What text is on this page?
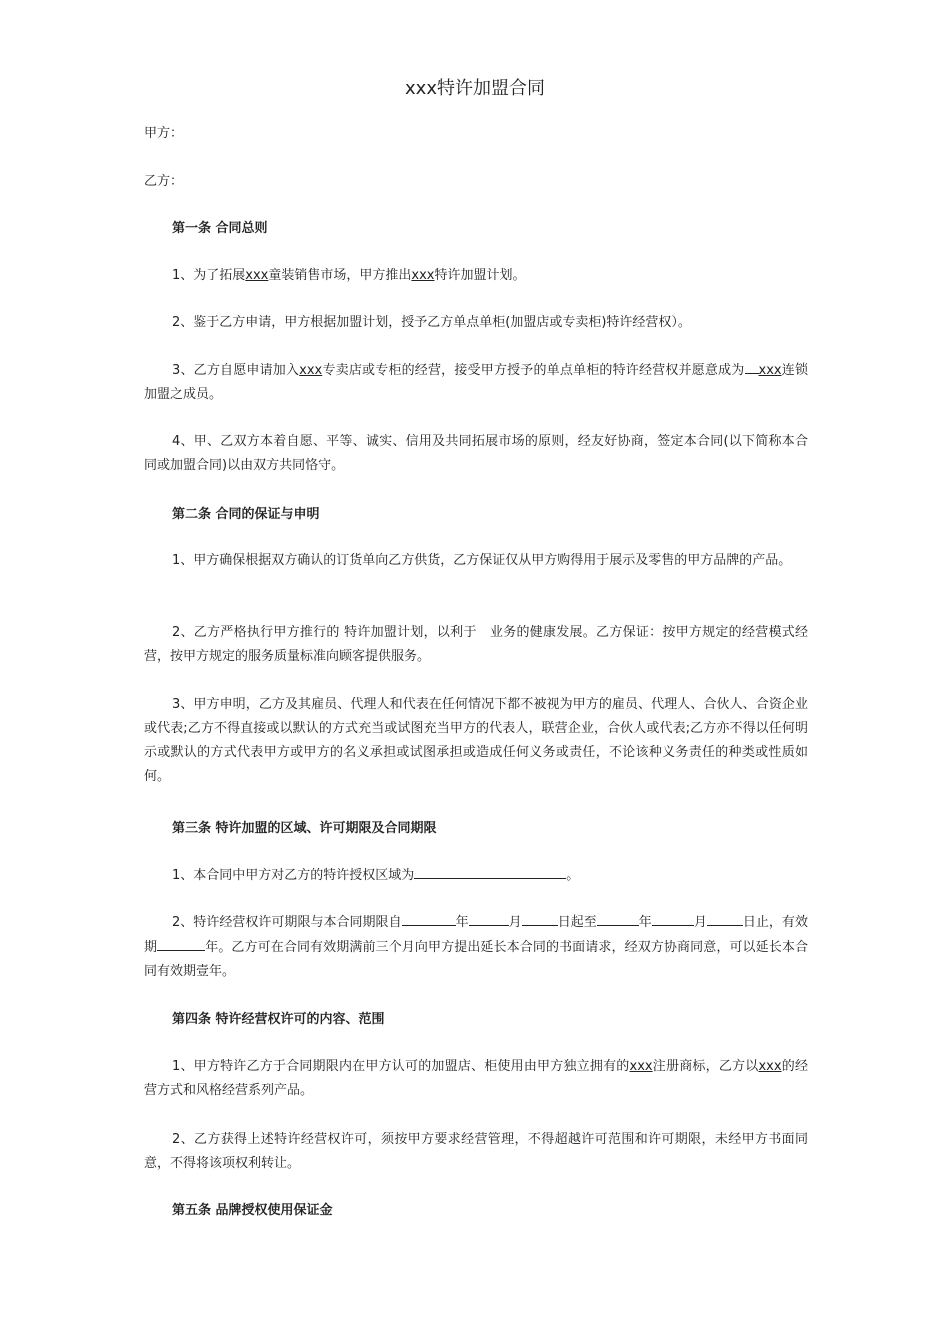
xxx特许加盟合同
甲方：
乙方：
第一条 合同总则
1、为了拓展xxx童装销售市场，甲方推出xxx特许加盟计划。
2、鉴于乙方申请，甲方根据加盟计划，授予乙方单点单柜(加盟店或专卖柜)特许经营权）。
3、乙方自愿申请加入xxx专卖店或专柜的经营，接受甲方授予的单点单柜的特许经营权并愿意成为 xxx连锁加盟之成员。
4、甲、乙双方本着自愿、平等、诚实、信用及共同拓展市场的原则，经友好协商，签定本合同(以下简称本合同或加盟合同)以由双方共同恪守。
第二条 合同的保证与申明
1、甲方确保根据双方确认的订货单向乙方供货，乙方保证仅从甲方购得用于展示及零售的甲方品牌的产品。
2、乙方严格执行甲方推行的 特许加盟计划，以利于　业务的健康发展。乙方保证：按甲方规定的经营模式经营，按甲方规定的服务质量标准向顾客提供服务。
3、甲方申明，乙方及其雇员、代理人和代表在任何情况下都不被视为甲方的雇员、代理人、合伙人、合资企业或代表;乙方不得直接或以默认的方式充当或试图充当甲方的代表人，联营企业，合伙人或代表;乙方亦不得以任何明示或默认的方式代表甲方或甲方的名义承担或试图承担或造成任何义务或责任，不论该种义务责任的种类或性质如何。
第三条 特许加盟的区域、许可期限及合同期限
1、本合同中甲方对乙方的特许授权区域为	。
2、特许经营权许可期限与本合同期限自	年	月	日起至	年	月	日止，有效期	年。乙方可在合同有效期满前三个月向甲方提出延长本合同的书面请求，经双方协商同意，可以延长本合同有效期壹年。
第四条 特许经营权许可的内容、范围
1、甲方特许乙方于合同期限内在甲方认可的加盟店、柜使用由甲方独立拥有的xxx注册商标，乙方以xxx的经营方式和风格经营系列产品。
2、乙方获得上述特许经营权许可，须按甲方要求经营管理，不得超越许可范围和许可期限，未经甲方书面同意，不得将该项权利转让。
第五条 品牌授权使用保证金
